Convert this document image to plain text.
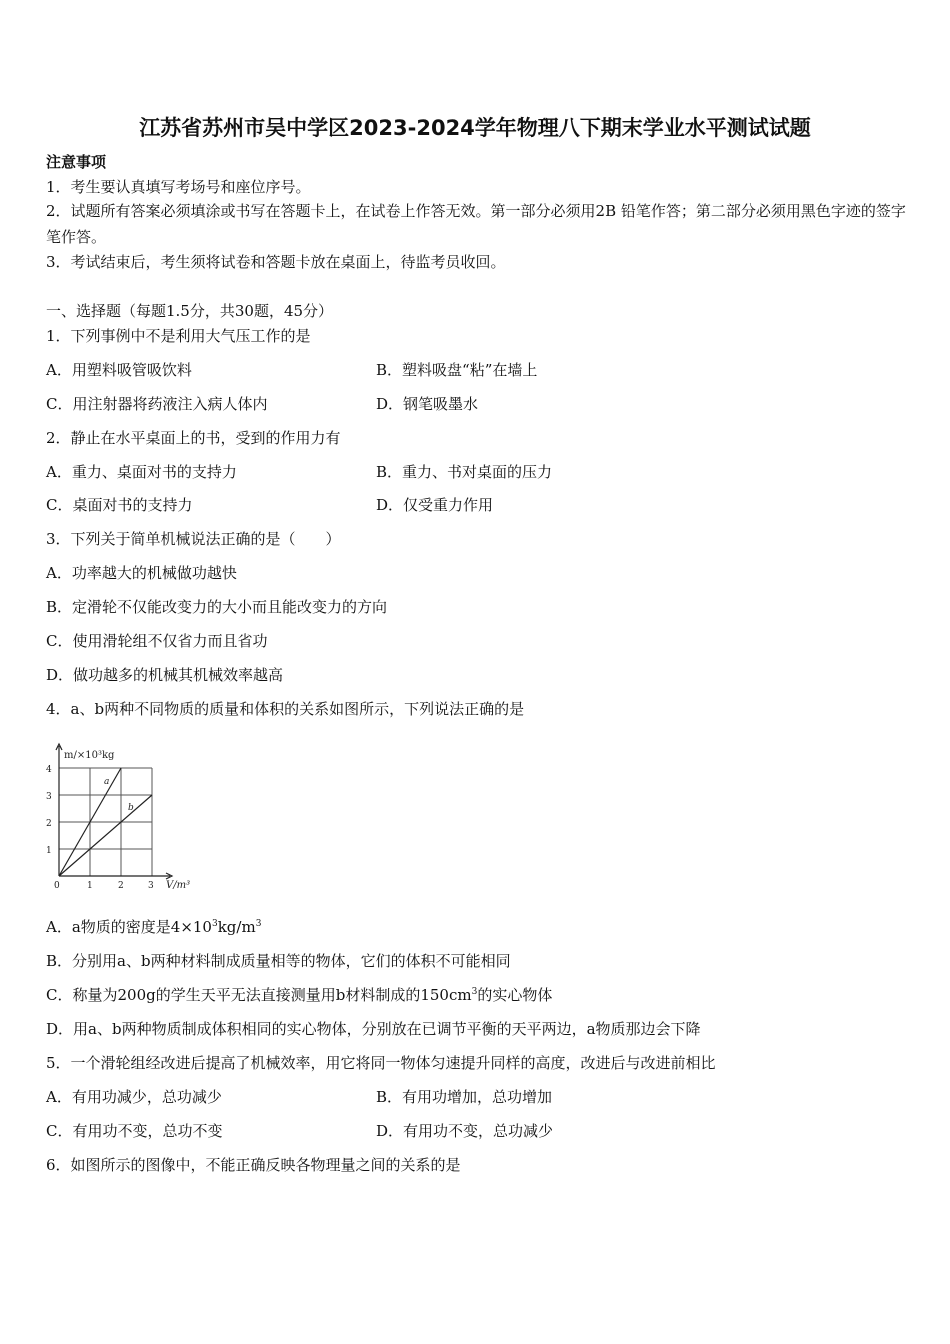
江苏省苏州市吴中学区2023-2024学年物理八下期末学业水平测试试题
注意事项
1．考生要认真填写考场号和座位序号。
2．试题所有答案必须填涂或书写在答题卡上，在试卷上作答无效。第一部分必须用2B 铅笔作答；第二部分必须用黑色字迹的签字笔作答。
3．考试结束后，考生须将试卷和答题卡放在桌面上，待监考员收回。
一、选择题（每题1.5分，共30题，45分）
1．下列事例中不是利用大气压工作的是
A．用塑料吸管吸饮料	B．塑料吸盘“粘”在墙上
C．用注射器将药液注入病人体内	D．钢笔吸墨水
2．静止在水平桌面上的书，受到的作用力有
A．重力、桌面对书的支持力	B．重力、书对桌面的压力
C．桌面对书的支持力	D．仅受重力作用
3．下列关于简单机械说法正确的是（　　）
A．功率越大的机械做功越快
B．定滑轮不仅能改变力的大小而且能改变力的方向
C．使用滑轮组不仅省力而且省功
D．做功越多的机械其机械效率越高
4．a、b两种不同物质的质量和体积的关系如图所示，下列说法正确的是
a
b
m/×10³kg
V/m³
4
3
2
1
0	1	2	3
A．a物质的密度是$4\times 10^3kg/m^3$
B．分别用a、b两种材料制成质量相等的物体，它们的体积不可能相同
C．称量为200g的学生天平无法直接测量用b材料制成的$150cm^3$的实心物体
D．用a、b两种物质制成体积相同的实心物体，分别放在已调节平衡的天平两边，a物质那边会下降
5．一个滑轮组经改进后提高了机械效率，用它将同一物体匀速提升同样的高度，改进后与改进前相比
A．有用功减少，总功减少	B．有用功增加，总功增加
C．有用功不变，总功不变	D．有用功不变，总功减少
6．如图所示的图像中，不能正确反映各物理量之间的关系的是
